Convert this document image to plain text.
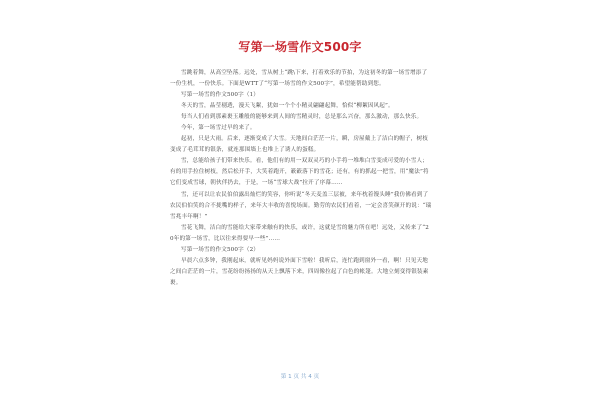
写第一场雪作文500字

雪跳着舞，从高空坠落。远处，雪从树上“跳\下来，打着欢乐的节拍，为这初冬的第一场雪增添了一份生机，一份快乐。下面是WTT了“写第一场雪的作文500字”，希望能帮助到您。

写第一场雪的作文500字（1）

冬天的雪，晶莹剔透，漫天飞絮，犹如一个个小精灵翩翩起舞，恰似“柳絮因风起”。

每当人们看到那素裹玉雕般的能够来到人间的雪精灵时，总是那么兴奋，那么激动，那么快乐。

今年，第一场雪过早的来了。

起初，只是大雨。后来，逐渐变成了大雪。天地间白茫茫一片，瞬，房屋戴上了洁白的帽子，树枝变成了毛茸茸的银条，就连那围墙上也堆上了诱人的蛋糕。

雪，总能给孩子们带来快乐。看，他们有的用一双双灵巧的小手将一堆堆白雪变成可爱的小雪人；有的用手拉住树枝，然后松开手，大笑着跑开，簌簌落下的雪花；还有，有的抓起一把雪，用“魔法”将它们变成雪球，朝伙伴扔去，于是，一场“雪球大战”拉开了序幕……

雪，还可以让农民伯伯露出灿烂的笑容，你听说“冬天麦盖三层被，来年枕着馒头睡”我仿佛看到了农民伯伯笑的合不拢嘴的样子，来年大丰收的喜悦场面。勤劳的农民们看着，一定会喜笑颜开的说：“瑞雪兆丰年啊！”

雪花飞舞，洁白的雪能给大家带来触有的快乐，或许，这就是雪的魅力所在吧！远处，又传来了“20年的第一场雪，比以往来得要早一些”……

写第一场雪的作文500字（2）

早晨六点多钟，我刚起床，就听见妈妈说外面下雪啦！我听后，连忙跑到窗外一看，啊！只见天地之间白茫茫的一片，雪花纷纷扬扬的从天上飘落下来，四周像拉起了白色的帐篷。大地立刻变得银装素裹。

第 1 页 共 4 页
